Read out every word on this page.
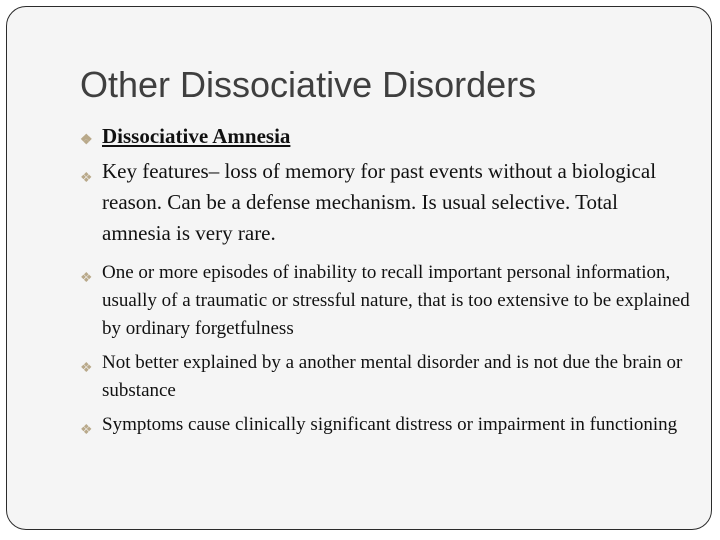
Other Dissociative Disorders
❖ Dissociative Amnesia
❖ Key features– loss of memory for past events without a biological reason. Can be a defense mechanism. Is usual selective. Total amnesia is very rare.
❖ One or more episodes of inability to recall important personal information, usually of a traumatic or stressful nature, that is too extensive to be explained by ordinary forgetfulness
❖ Not better explained by a another mental disorder and is not due the brain or substance
❖ Symptoms cause clinically significant distress or impairment in functioning
